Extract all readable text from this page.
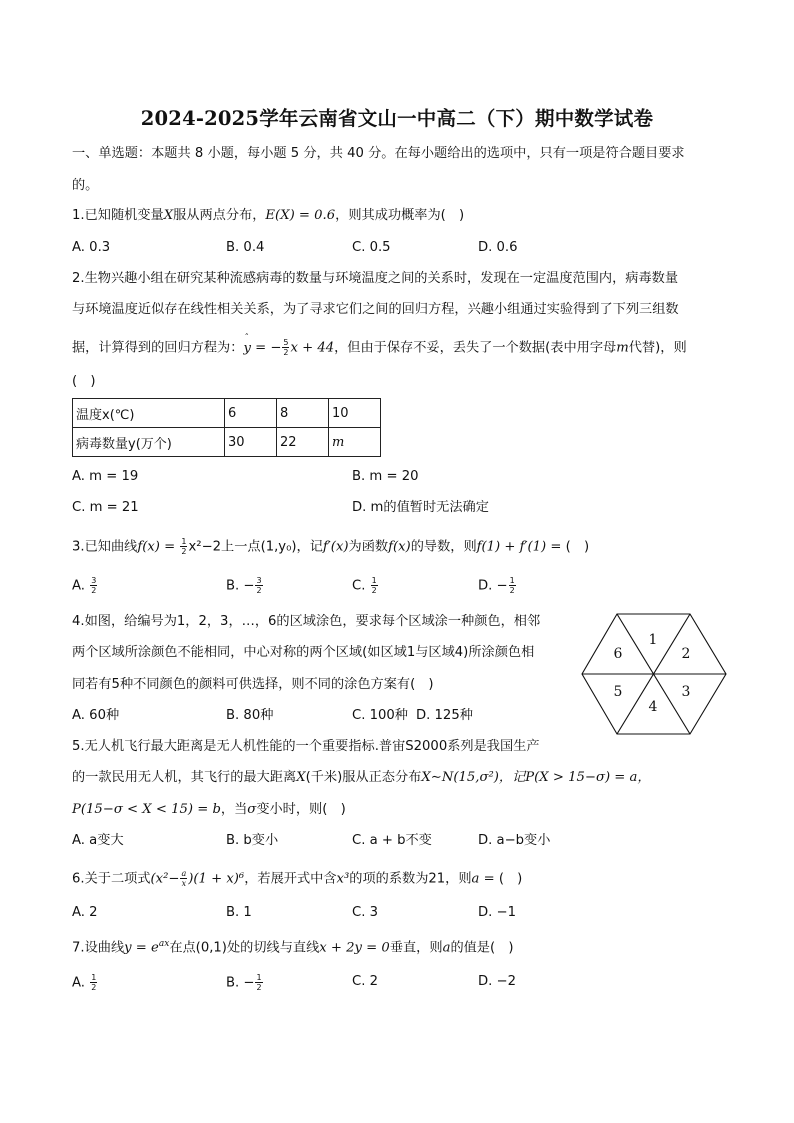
2024-2025学年云南省文山一中高二（下）期中数学试卷
一、单选题：本题共 8 小题，每小题 5 分，共 40 分。在每小题给出的选项中，只有一项是符合题目要求
的。
1.已知随机变量X服从两点分布，E(X) = 0.6，则其成功概率为(　)
A. 0.3	B. 0.4	C. 0.5	D. 0.6
2.生物兴趣小组在研究某种流感病毒的数量与环境温度之间的关系时，发现在一定温度范围内，病毒数量
与环境温度近似存在线性相关关系，为了寻求它们之间的回归方程，兴趣小组通过实验得到了下列三组数
据，计算得到的回归方程为：ˆ y = − $\frac{5}{2}$ x + 44，但由于保存不妥，丢失了一个数据(表中用字母m代替)，则
(　)
温度x(℃)	6	8	10
病毒数量y(万个)	30	22	m
A. m = 19	B. m = 20
C. m = 21	D. m的值暂时无法确定
3.已知曲线$f(x) = \frac{1}{2} x^2-2$上一点(1,y₀)，记f′(x)为函数f(x)的导数，则f(1) + f′(1) = (　)
A. $\frac{3}{2}$	B. − $\frac{3}{2}$	C. $\frac{1}{2}$	D. − $\frac{1}{2}$
4.如图，给编号为1，2，3，…，6的区域涂色，要求每个区域涂一种颜色，相邻
两个区域所涂颜色不能相同，中心对称的两个区域(如区域1与区域4)所涂颜色相
同若有5种不同颜色的颜料可供选择，则不同的涂色方案有(　)
A. 60种	B. 80种	C. 100种 D. 125种
1
2
3
4
5
6
5.无人机飞行最大距离是无人机性能的一个重要指标.普宙S2000系列是我国生产
的一款民用无人机，其飞行的最大距离X(千米)服从正态分布X∼N(15,σ²)，记P(X > 15−σ) = a，
P(15−σ < X < 15) = b，当σ变小时，则(　)
A. a变大	B. b变小	C. a + b不变	D. a−b变小
6.关于二项式$(x^2- \frac{a}{x} )(1 + x)^6$，若展开式中含x³的项的系数为21，则a = (　)
A. 2	B. 1	C. 3	D. −1
7.设曲线$y = e^{ax}$在点(0,1)处的切线与直线x + 2y = 0垂直，则a的值是(　)
A. $\frac{1}{2}$	B. − $\frac{1}{2}$	C. 2	D. −2
